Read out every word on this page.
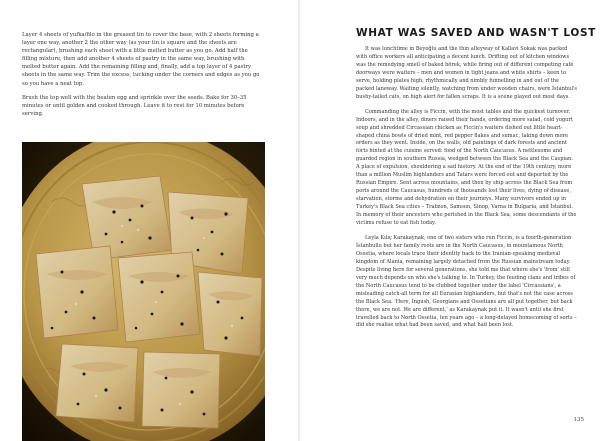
Layer 4 sheets of yufka/filo in the greased tin to cover the base, with 2 sheets forming a layer one way, another 2 the other way (as your tin is square and the sheets are rectangular), brushing each sheet with a little melted butter as you go. Add half the filling mixture, then add another 4 sheets of pastry in the same way, brushing with melted butter again. Add the remaining filling and, finally, add a top layer of 4 pastry sheets in the same way. Trim the excess, tucking under the corners and edges as you go so you have a neat top.

Brush the top well with the beaten egg and sprinkle over the seeds. Bake for 30–35 minutes or until golden and cooked through. Leave it to rest for 10 minutes before serving.

WHAT WAS SAVED AND WASN'T LOST

It was lunchtime in Beyoğlu and the thin alleyway of Kallavi Sokak was packed with office workers all anticipating a decent lunch. Drifting out of kitchen windows was the remedying smell of baked börek, while firing out of different competing café doorways were waiters – men and women in tight jeans and white shirts – keen to serve, holding plates high, rhythmically and nimbly funnelling in and out of the packed laneway. Waiting silently, watching from under wooden chairs, were İstanbul's bushy-tailed cats, on high alert for fallen scraps. It is a scene played out most days.

Commanding the alley is Ficcin, with the most tables and the quickest turnover. Indoors, and in the alley, diners raised their hands, ordering more salad, cold yogurt soup and shredded Circassian chicken as Ficcin's waiters dished out little heart-shaped china bowls of dried mint, red pepper flakes and sumac, taking down more orders as they went. Inside, on the walls, old paintings of dark forests and ancient forts hinted at the cuisine served: food of the North Caucasus. A nettlesome and guarded region in southern Russia, wedged between the Black Sea and the Caspian. A place of expulsion, shouldering a sad history. At the end of the 19th century, more than a million Muslim highlanders and Tatars were forced out and deported by the Russian Empire. Sent across mountains, and then by ship across the Black Sea from ports around the Caucasus, hundreds of thousands lost their lives, dying of disease, starvation, storms and dehydration on their journeys. Many survivors ended up in Turkey's Black Sea cities – Trabzon, Samsun, Sinop, Varna in Bulgaria, and İstanbul. In memory of their ancestors who perished in the Black Sea, some descendants of the victims refuse to eat fish today.

Leyla Kılıç Karakaynak, one of two sisters who run Ficcin, is a fourth-generation İstanbullu but her family roots are in the North Caucasus, in mountainous North Ossetia, where locals trace their identity back to the Iranian-speaking medieval kingdom of Alania, remaining largely detached from the Russian mainstream today. Despite living here for several generations, she told me that where she's 'from' still very much depends on who she's talking to. In Turkey, the feuding clans and tribes of the North Caucasus tend to be clubbed together under the label 'Circassians', a misleading catch-all term for all Eurasian highlanders, but that's not the case across the Black Sea. 'Here, Ingush, Georgians and Ossetians are all put together, but back there, we are not. We are different,' as Karakaynak put it. It wasn't until she first travelled back to North Ossetia, ten years ago – a long-delayed homecoming of sorts – did she realise what had been saved, and what had been lost.

135
